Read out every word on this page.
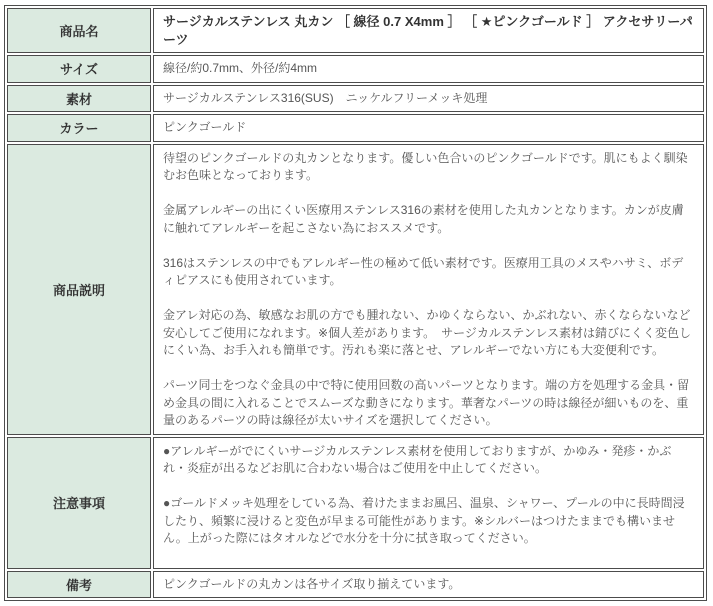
商品名	サージカルステンレス 丸カン ［ 線径 0.7 X4mm ］ ［ ★ピンクゴールド ］ アクセサリーパーツ
サイズ	線径/約0.7mm、外径/約4mm
素材	サージカルステンレス316(SUS)　ニッケルフリーメッキ処理
カラー	ピンクゴールド
商品説明	待望のピンクゴールドの丸カンとなります。優しい色合いのピンクゴールドです。肌にもよく馴染むお色味となっております。

金属アレルギーの出にくい医療用ステンレス316の素材を使用した丸カンとなります。カンが皮膚に触れてアレルギーを起こさない為におススメです。

316はステンレスの中でもアレルギー性の極めて低い素材です。医療用工具のメスやハサミ、ボディピアスにも使用されています。

金アレ対応の為、敏感なお肌の方でも腫れない、かゆくならない、かぶれない、赤くならないなど安心してご使用になれます。※個人差があります。　サージカルステンレス素材は錆びにくく変色しにくい為、お手入れも簡単です。汚れも楽に落とせ、アレルギーでない方にも大変便利です。

パーツ同士をつなぐ金具の中で特に使用回数の高いパーツとなります。端の方を処理する金具・留め金具の間に入れることでスムーズな動きになります。華奢なパーツの時は線径が細いものを、重量のあるパーツの時は線径が太いサイズを選択してください。

注意事項	●アレルギーがでにくいサージカルステンレス素材を使用しておりますが、かゆみ・発疹・かぶれ・炎症が出るなどお肌に合わない場合はご使用を中止してください。

●ゴールドメッキ処理をしている為、着けたままお風呂、温泉、シャワー、プールの中に長時間浸したり、頻繁に浸けると変色が早まる可能性があります。※シルバーはつけたままでも構いません。上がった際にはタオルなどで水分を十分に拭き取ってください。

備考	ピンクゴールドの丸カンは各サイズ取り揃えています。
